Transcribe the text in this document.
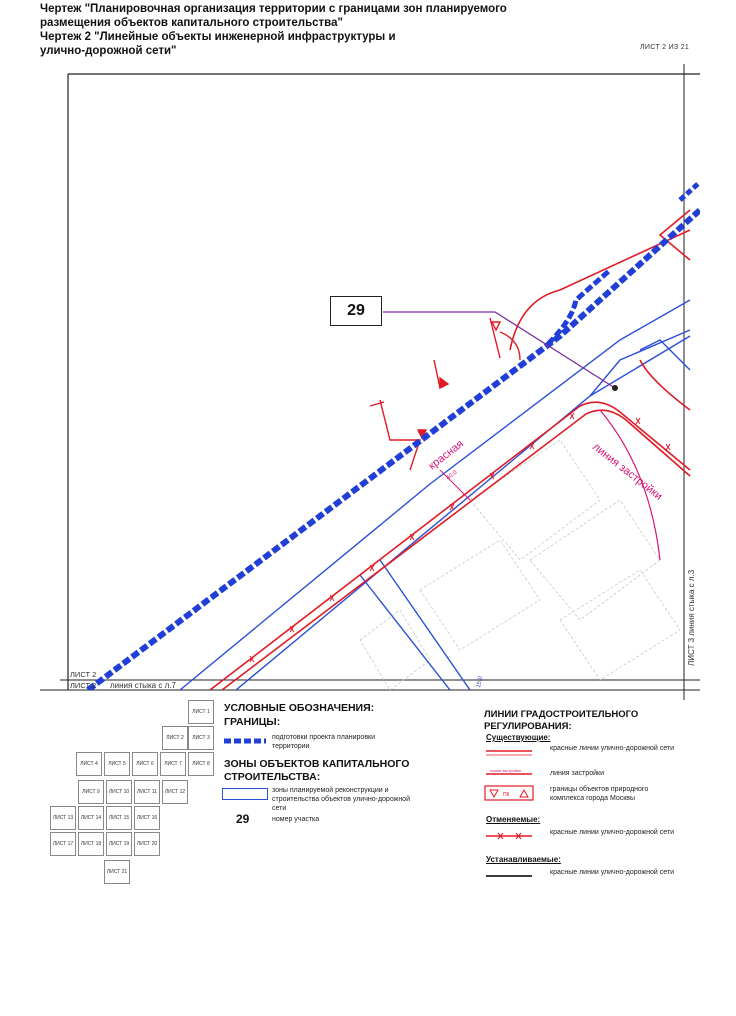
Чертеж "Планировочная организация территории с границами зон планируемого
размещения объектов капитального строительства"
Чертеж 2 "Линейные объекты инженерной инфраструктуры и
улично-дорожной сети"	ЛИСТ 2 ИЗ 21
красная	линия застройки
40,0
15,0
ЛИСТ 3 линия стыка с л.3
29
ЛИСТ 2
ЛИСТ 2 линия стыка с л.7
УСЛОВНЫЕ ОБОЗНАЧЕНИЯ:
ГРАНИЦЫ:
подготовки проекта планировки территории
ЗОНЫ ОБЪЕКТОВ КАПИТАЛЬНОГО
СТРОИТЕЛЬСТВА:
зоны планируемой реконструкции и строительства объектов улично-дорожной сети
29	номер участка
ЛИНИИ ГРАДОСТРОИТЕЛЬНОГО
РЕГУЛИРОВАНИЯ:
Существующие:
красные линии улично-дорожной сети
линия застройки	линия застройки
ПК
границы объектов природного комплекса города Москвы
Отменяемые:
красные линии улично-дорожной сети
Устанавливаемые:
красные линии улично-дорожной сети
ЛИСТ 1
ЛИСТ 2	ЛИСТ 3
ЛИСТ 4	ЛИСТ 5	ЛИСТ 6	ЛИСТ 7	ЛИСТ 8
ЛИСТ 9	ЛИСТ 10	ЛИСТ 11	ЛИСТ 12
ЛИСТ 13	ЛИСТ 14	ЛИСТ 15	ЛИСТ 16
ЛИСТ 17	ЛИСТ 18	ЛИСТ 19	ЛИСТ 20
ЛИСТ 21
